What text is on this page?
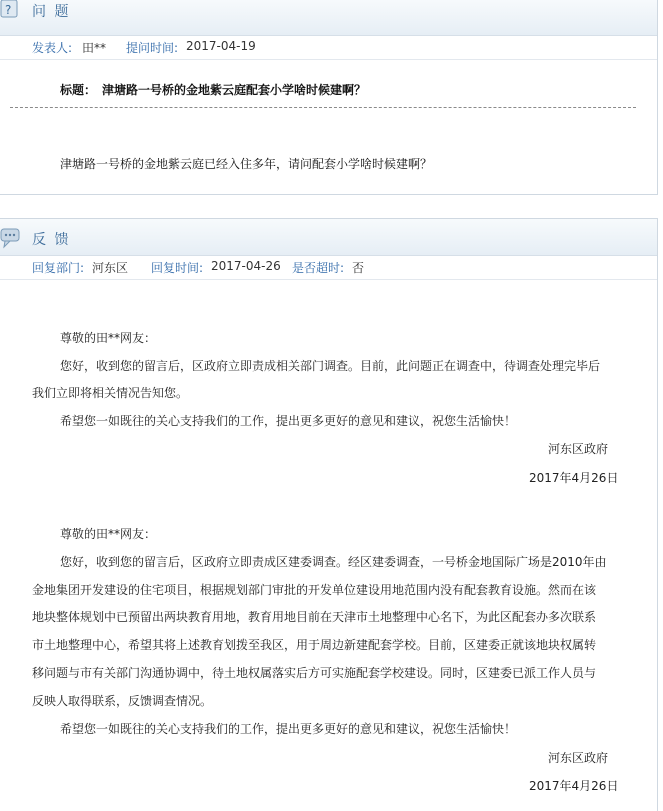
? 问 题
发表人: 田** 提问时间: 2017-04-19
标题： 津塘路一号桥的金地紫云庭配套小学啥时候建啊？
津塘路一号桥的金地紫云庭已经入住多年，请问配套小学啥时候建啊？
反 馈
回复部门: 河东区 回复时间: 2017-04-26 是否超时: 否
尊敬的田**网友：
您好，收到您的留言后，区政府立即责成相关部门调查。目前，此问题正在调查中，待调查处理完毕后
我们立即将相关情况告知您。
希望您一如既往的关心支持我们的工作，提出更多更好的意见和建议，祝您生活愉快！
河东区政府
2017年4月26日
尊敬的田**网友：
您好，收到您的留言后，区政府立即责成区建委调查。经区建委调查，一号桥金地国际广场是2010年由
金地集团开发建设的住宅项目，根据规划部门审批的开发单位建设用地范围内没有配套教育设施。然而在该
地块整体规划中已预留出两块教育用地，教育用地目前在天津市土地整理中心名下，为此区配套办多次联系
市土地整理中心，希望其将上述教育划拨至我区，用于周边新建配套学校。目前，区建委正就该地块权属转
移问题与市有关部门沟通协调中，待土地权属落实后方可实施配套学校建设。同时，区建委已派工作人员与
反映人取得联系，反馈调查情况。
希望您一如既往的关心支持我们的工作，提出更多更好的意见和建议，祝您生活愉快！
河东区政府
2017年4月26日
